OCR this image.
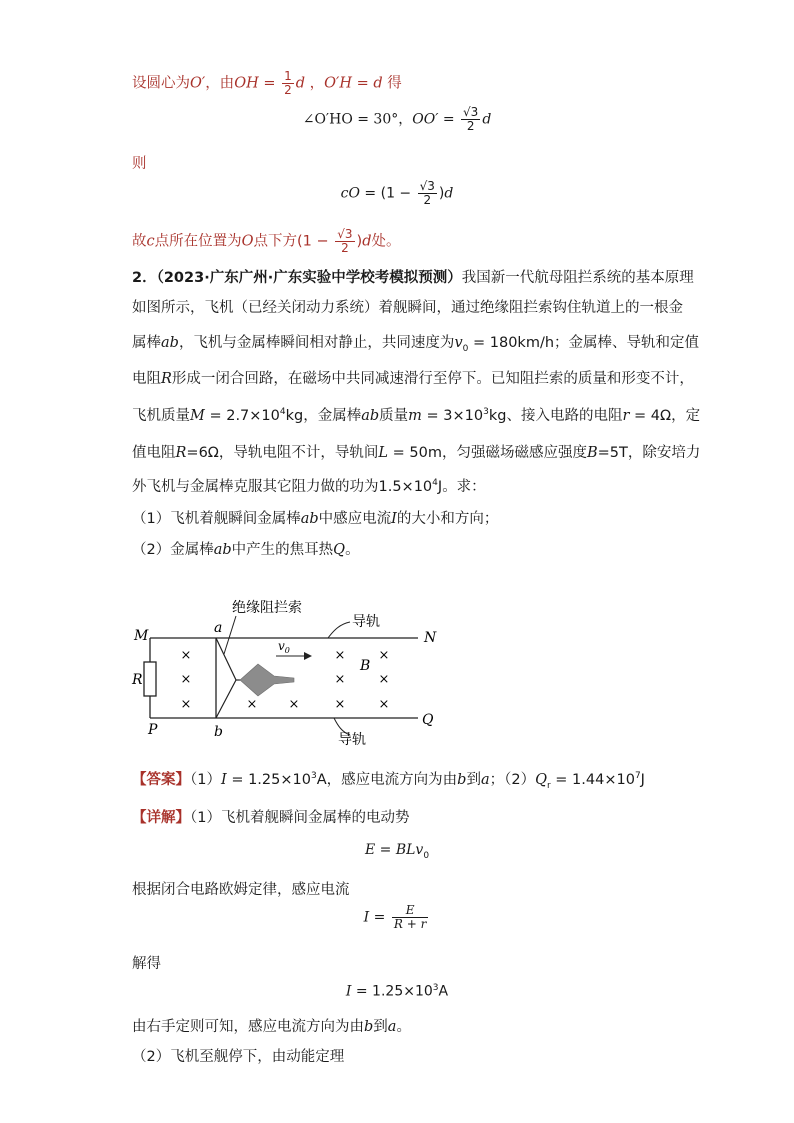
设圆心为O′，由OH = $\frac{1}{2}$ d ，O′H = d 得
∠O′HO = 30°，$OO' = \frac{√3}{2}$ d
则
cO = $(1 - \frac{√3}{2} )d$
故c点所在位置为O点下方$(1 - \frac{√3}{2} )d$处。
2．（2023·广东广州·广东实验中学校考模拟预测）我国新一代航母阻拦系统的基本原理
如图所示，飞机（已经关闭动力系统）着舰瞬间，通过绝缘阻拦索钩住轨道上的一根金
属棒ab，飞机与金属棒瞬间相对静止，共同速度为$v_0 = 180km/h$；金属棒、导轨和定值
电阻R形成一闭合回路，在磁场中共同减速滑行至停下。已知阻拦索的质量和形变不计，
飞机质量$M = 2.7\times 10^4kg$，金属棒ab质量$m = 3\times 10^3kg$、接入电路的电阻r = 4Ω，定
值电阻R=6Ω，导轨电阻不计，导轨间L = 50m，匀强磁场磁感应强度B=5T，除安培力
外飞机与金属棒克服其它阻力做的功为$1.5\times 10^4J$。求：
（1）飞机着舰瞬间金属棒ab中感应电流I的大小和方向；
（2）金属棒ab中产生的焦耳热Q。
×
×
×	× ×
×
×
×
×
×
×
绝缘阻拦索
导轨
导轨
M	N
P
Q
a
b
R
B
$v_0$
【答案】$(1)I = 1.25\times 10^3A$，感应电流方向为由b到a；$(2)Q_r = 1.44\times 10^7J$
【详解】（1）飞机着舰瞬间金属棒的电动势
E = BLv$_0$
根据闭合电路欧姆定律，感应电流
$I = \frac{E}{R + r}$
解得
$I = 1.25\times 10^3A$
由右手定则可知，感应电流方向为由b到a。
（2）飞机至舰停下，由动能定理
